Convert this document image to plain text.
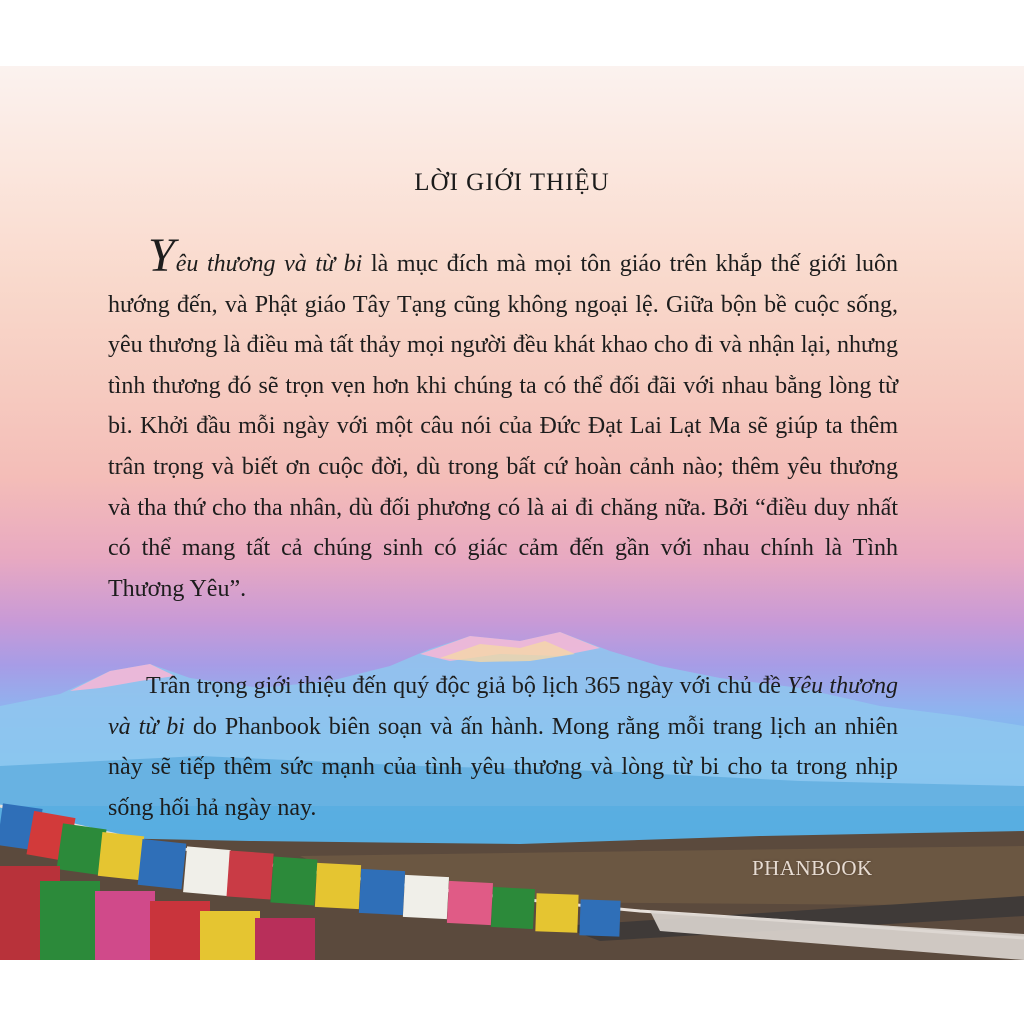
LỜI GIỚI THIỆU
Yêu thương và từ bi là mục đích mà mọi tôn giáo trên khắp thế giới luôn hướng đến, và Phật giáo Tây Tạng cũng không ngoại lệ. Giữa bộn bề cuộc sống, yêu thương là điều mà tất thảy mọi người đều khát khao cho đi và nhận lại, nhưng tình thương đó sẽ trọn vẹn hơn khi chúng ta có thể đối đãi với nhau bằng lòng từ bi. Khởi đầu mỗi ngày với một câu nói của Đức Đạt Lai Lạt Ma sẽ giúp ta thêm trân trọng và biết ơn cuộc đời, dù trong bất cứ hoàn cảnh nào; thêm yêu thương và tha thứ cho tha nhân, dù đối phương có là ai đi chăng nữa. Bởi “điều duy nhất có thể mang tất cả chúng sinh có giác cảm đến gần với nhau chính là Tình Thương Yêu”.
Trân trọng giới thiệu đến quý độc giả bộ lịch 365 ngày với chủ đề Yêu thương và từ bi do Phanbook biên soạn và ấn hành. Mong rằng mỗi trang lịch an nhiên này sẽ tiếp thêm sức mạnh của tình yêu thương và lòng từ bi cho ta trong nhịp sống hối hả ngày nay.
PHANBOOK
